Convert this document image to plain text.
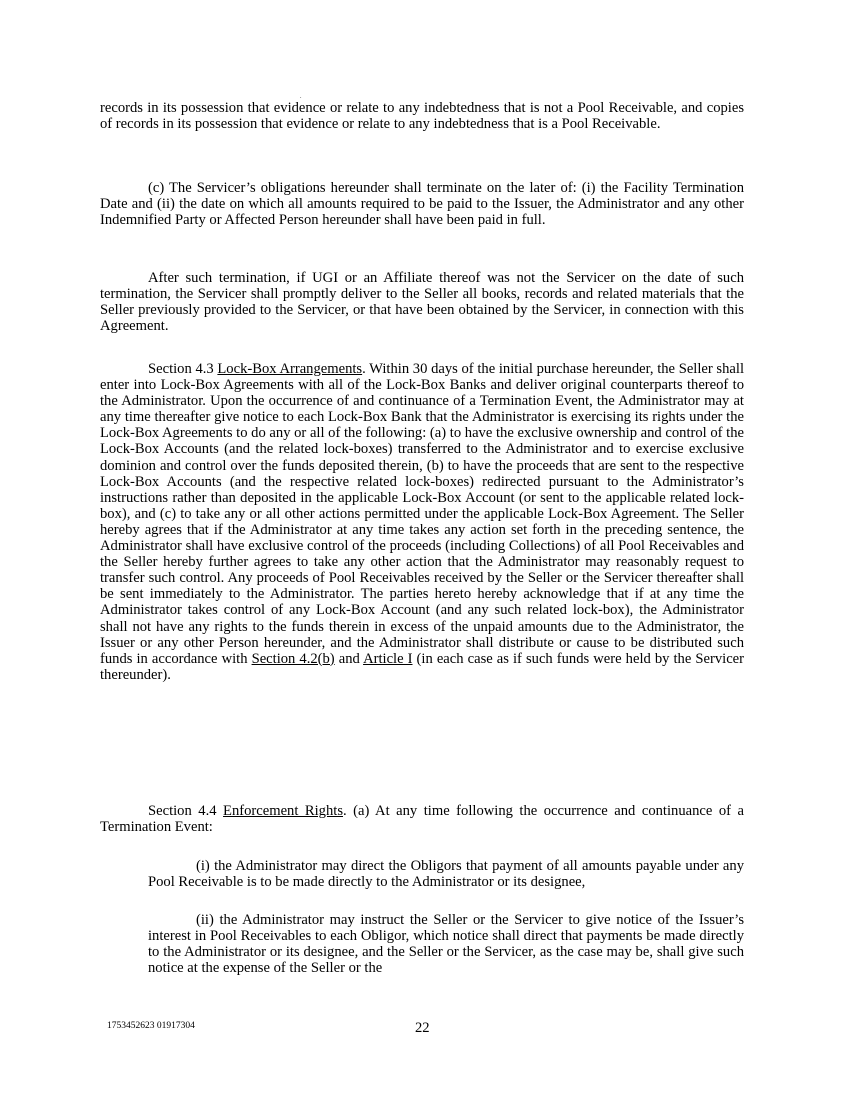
.

records in its possession that evidence or relate to any indebtedness that is not a Pool Receivable, and copies of records in its possession that evidence or relate to any indebtedness that is a Pool Receivable.

(c) The Servicer’s obligations hereunder shall terminate on the later of: (i) the Facility Termination Date and (ii) the date on which all amounts required to be paid to the Issuer, the Administrator and any other Indemnified Party or Affected Person hereunder shall have been paid in full.

After such termination, if UGI or an Affiliate thereof was not the Servicer on the date of such termination, the Servicer shall promptly deliver to the Seller all books, records and related materials that the Seller previously provided to the Servicer, or that have been obtained by the Servicer, in connection with this Agreement.

Section 4.3 Lock-Box Arrangements. Within 30 days of the initial purchase hereunder, the Seller shall enter into Lock-Box Agreements with all of the Lock-Box Banks and deliver original counterparts thereof to the Administrator. Upon the occurrence of and continuance of a Termination Event, the Administrator may at any time thereafter give notice to each Lock-Box Bank that the Administrator is exercising its rights under the Lock-Box Agreements to do any or all of the following: (a) to have the exclusive ownership and control of the Lock-Box Accounts (and the related lock-boxes) transferred to the Administrator and to exercise exclusive dominion and control over the funds deposited therein, (b) to have the proceeds that are sent to the respective Lock-Box Accounts (and the respective related lock-boxes) redirected pursuant to the Administrator’s instructions rather than deposited in the applicable Lock-Box Account (or sent to the applicable related lock-box), and (c) to take any or all other actions permitted under the applicable Lock-Box Agreement. The Seller hereby agrees that if the Administrator at any time takes any action set forth in the preceding sentence, the Administrator shall have exclusive control of the proceeds (including Collections) of all Pool Receivables and the Seller hereby further agrees to take any other action that the Administrator may reasonably request to transfer such control. Any proceeds of Pool Receivables received by the Seller or the Servicer thereafter shall be sent immediately to the Administrator. The parties hereto hereby acknowledge that if at any time the Administrator takes control of any Lock-Box Account (and any such related lock-box), the Administrator shall not have any rights to the funds therein in excess of the unpaid amounts due to the Administrator, the Issuer or any other Person hereunder, and the Administrator shall distribute or cause to be distributed such funds in accordance with Section 4.2(b) and Article I (in each case as if such funds were held by the Servicer thereunder).

Section 4.4 Enforcement Rights. (a) At any time following the occurrence and continuance of a Termination Event:

(i) the Administrator may direct the Obligors that payment of all amounts payable under any Pool Receivable is to be made directly to the Administrator or its designee,

(ii) the Administrator may instruct the Seller or the Servicer to give notice of the Issuer’s interest in Pool Receivables to each Obligor, which notice shall direct that payments be made directly to the Administrator or its designee, and the Seller or the Servicer, as the case may be, shall give such notice at the expense of the Seller or the

1753452623 01917304	22
